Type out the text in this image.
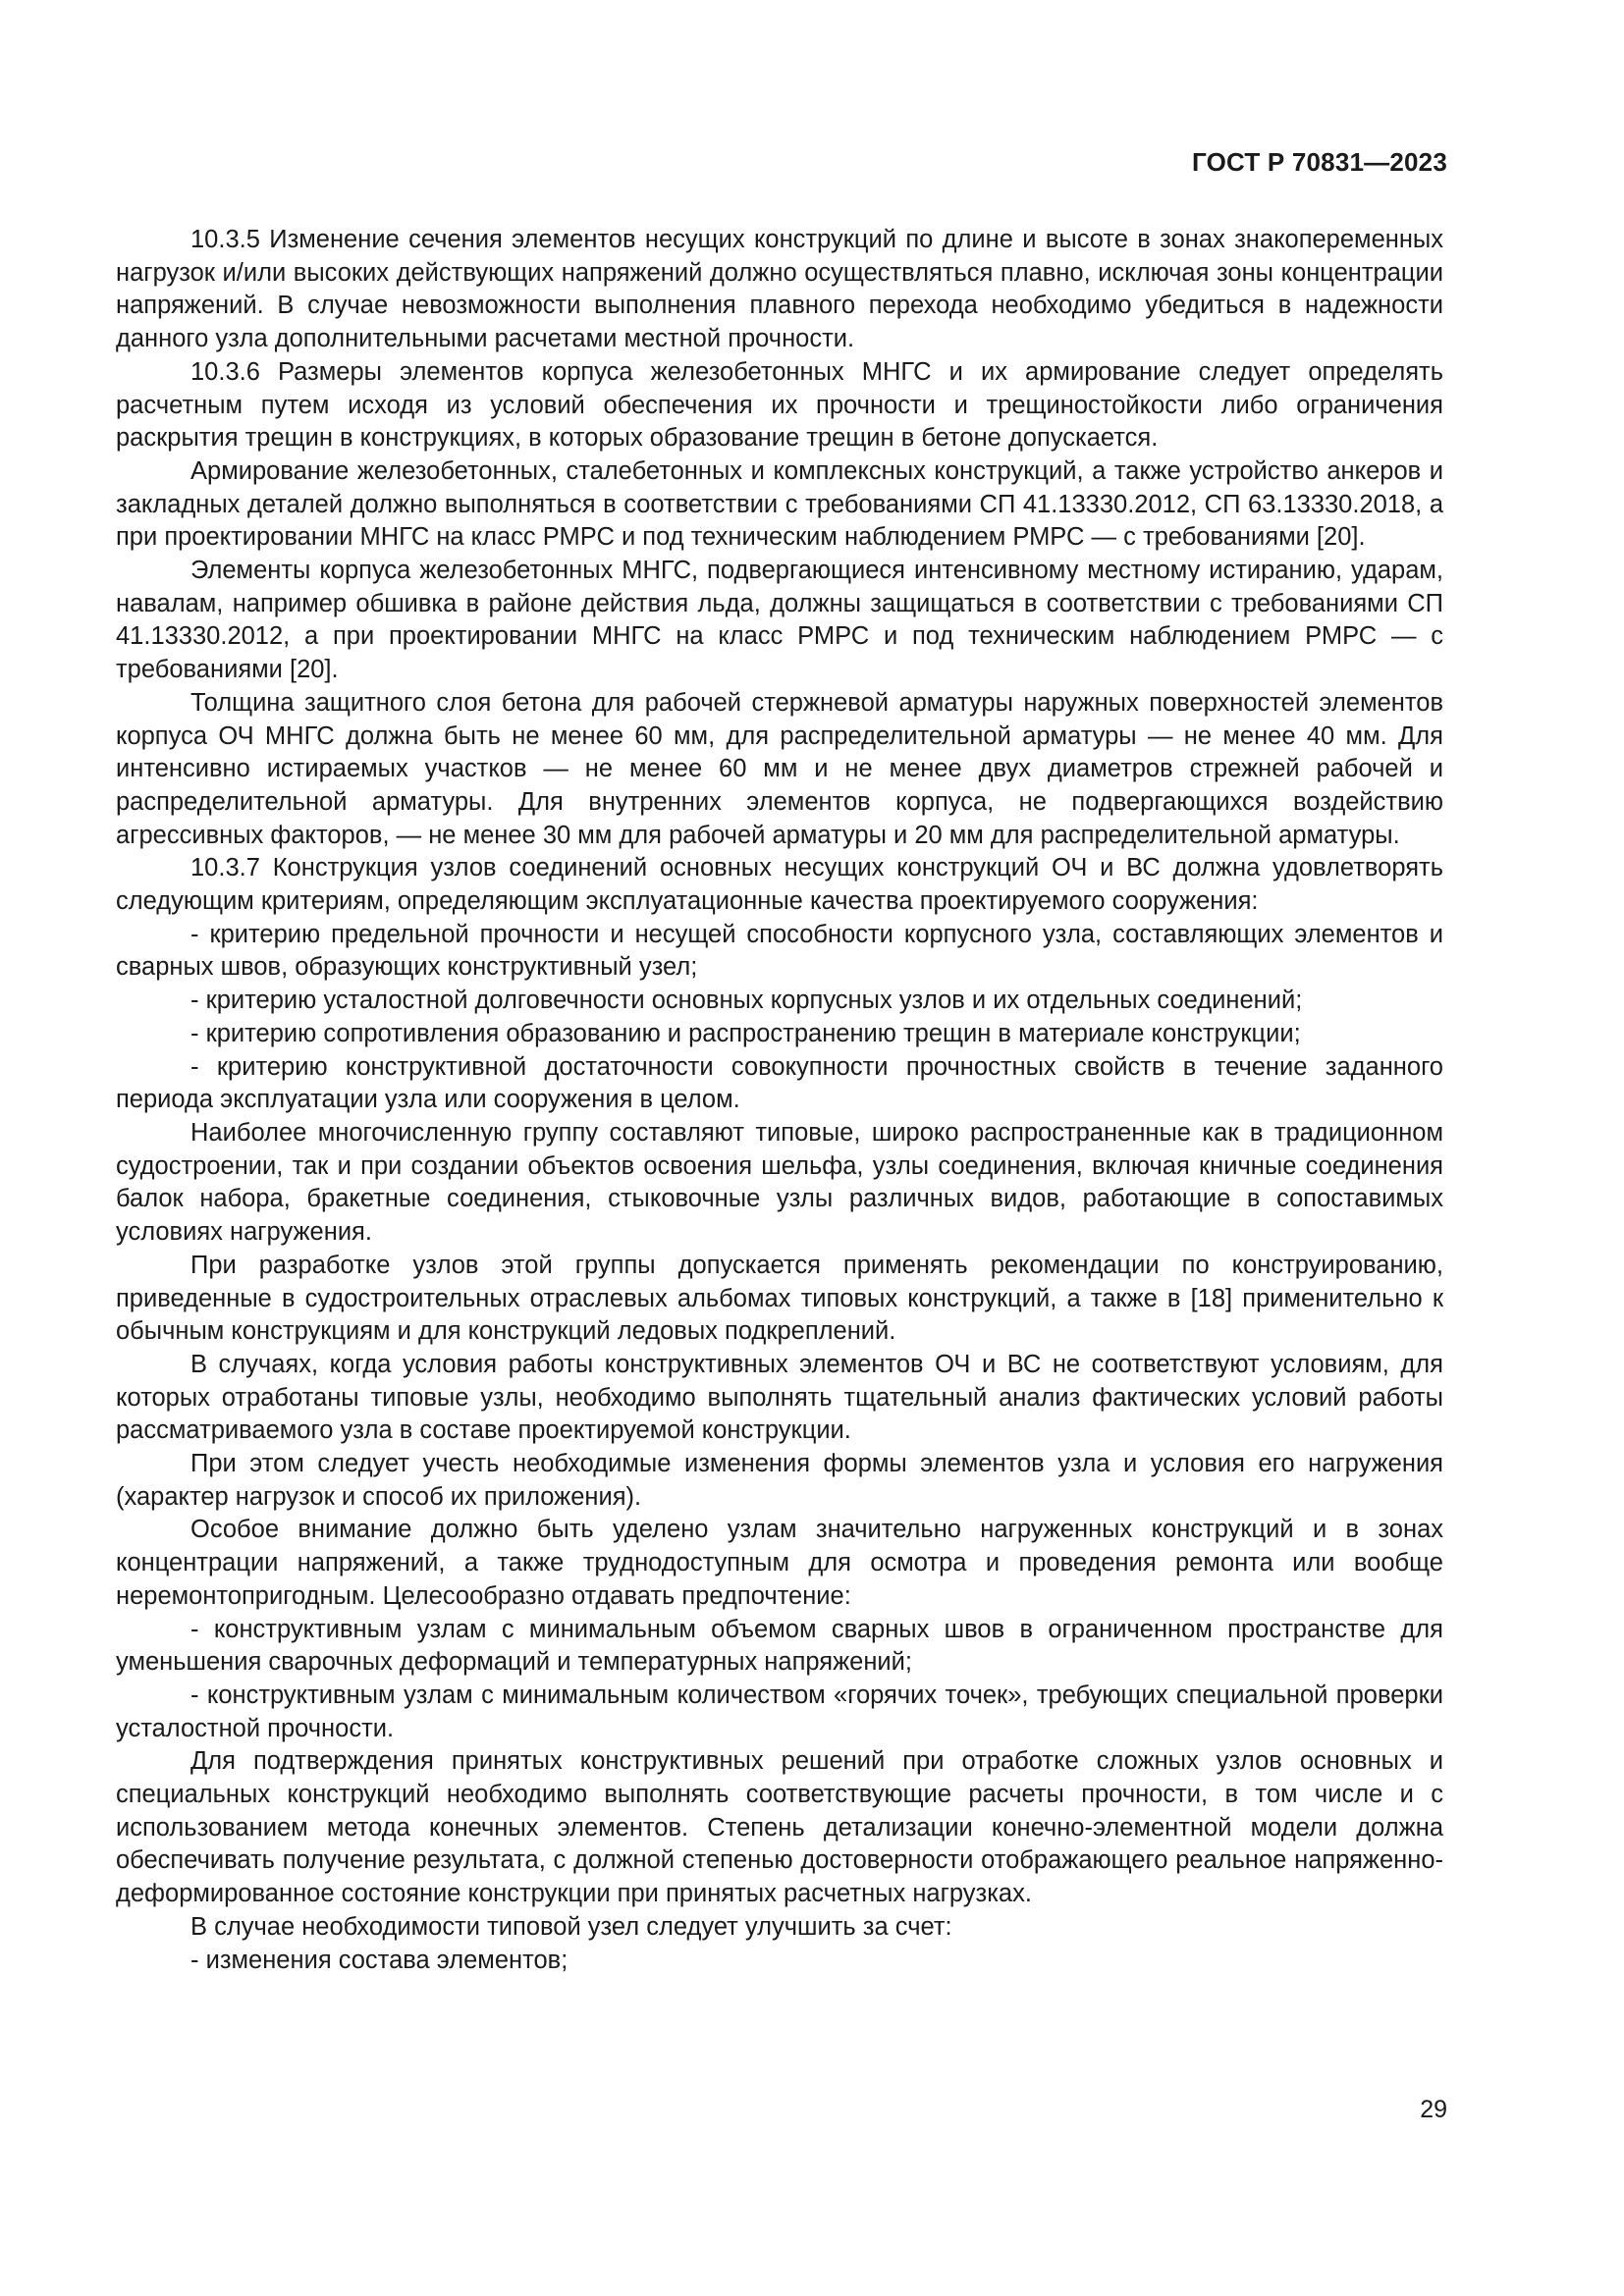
ГОСТ Р 70831—2023

10.3.5 Изменение сечения элементов несущих конструкций по длине и высоте в зонах знакопеременных нагрузок и/или высоких действующих напряжений должно осуществляться плавно, исключая зоны концентрации напряжений. В случае невозможности выполнения плавного перехода необходимо убедиться в надежности данного узла дополнительными расчетами местной прочности.

10.3.6 Размеры элементов корпуса железобетонных МНГС и их армирование следует определять расчетным путем исходя из условий обеспечения их прочности и трещиностойкости либо ограничения раскрытия трещин в конструкциях, в которых образование трещин в бетоне допускается.

Армирование железобетонных, сталебетонных и комплексных конструкций, а также устройство анкеров и закладных деталей должно выполняться в соответствии с требованиями СП 41.13330.2012, СП 63.13330.2018, а при проектировании МНГС на класс РМРС и под техническим наблюдением РМРС — с требованиями [20].

Элементы корпуса железобетонных МНГС, подвергающиеся интенсивному местному истиранию, ударам, навалам, например обшивка в районе действия льда, должны защищаться в соответствии с требованиями СП 41.13330.2012, а при проектировании МНГС на класс РМРС и под техническим наблюдением РМРС — с требованиями [20].

Толщина защитного слоя бетона для рабочей стержневой арматуры наружных поверхностей элементов корпуса ОЧ МНГС должна быть не менее 60 мм, для распределительной арматуры — не менее 40 мм. Для интенсивно истираемых участков — не менее 60 мм и не менее двух диаметров стрежней рабочей и распределительной арматуры. Для внутренних элементов корпуса, не подвергающихся воздействию агрессивных факторов, — не менее 30 мм для рабочей арматуры и 20 мм для распределительной арматуры.

10.3.7 Конструкция узлов соединений основных несущих конструкций ОЧ и ВС должна удовлетворять следующим критериям, определяющим эксплуатационные качества проектируемого сооружения:

- критерию предельной прочности и несущей способности корпусного узла, составляющих элементов и сварных швов, образующих конструктивный узел;

- критерию усталостной долговечности основных корпусных узлов и их отдельных соединений;

- критерию сопротивления образованию и распространению трещин в материале конструкции;

- критерию конструктивной достаточности совокупности прочностных свойств в течение заданного периода эксплуатации узла или сооружения в целом.

Наиболее многочисленную группу составляют типовые, широко распространенные как в традиционном судостроении, так и при создании объектов освоения шельфа, узлы соединения, включая кничные соединения балок набора, бракетные соединения, стыковочные узлы различных видов, работающие в сопоставимых условиях нагружения.

При разработке узлов этой группы допускается применять рекомендации по конструированию, приведенные в судостроительных отраслевых альбомах типовых конструкций, а также в [18] применительно к обычным конструкциям и для конструкций ледовых подкреплений.

В случаях, когда условия работы конструктивных элементов ОЧ и ВС не соответствуют условиям, для которых отработаны типовые узлы, необходимо выполнять тщательный анализ фактических условий работы рассматриваемого узла в составе проектируемой конструкции.

При этом следует учесть необходимые изменения формы элементов узла и условия его нагружения (характер нагрузок и способ их приложения).

Особое внимание должно быть уделено узлам значительно нагруженных конструкций и в зонах концентрации напряжений, а также труднодоступным для осмотра и проведения ремонта или вообще неремонтопригодным. Целесообразно отдавать предпочтение:

- конструктивным узлам с минимальным объемом сварных швов в ограниченном пространстве для уменьшения сварочных деформаций и температурных напряжений;

- конструктивным узлам с минимальным количеством «горячих точек», требующих специальной проверки усталостной прочности.

Для подтверждения принятых конструктивных решений при отработке сложных узлов основных и специальных конструкций необходимо выполнять соответствующие расчеты прочности, в том числе и с использованием метода конечных элементов. Степень детализации конечно-элементной модели должна обеспечивать получение результата, с должной степенью достоверности отображающего реальное напряженно-деформированное состояние конструкции при принятых расчетных нагрузках.

В случае необходимости типовой узел следует улучшить за счет:

- изменения состава элементов;

29
